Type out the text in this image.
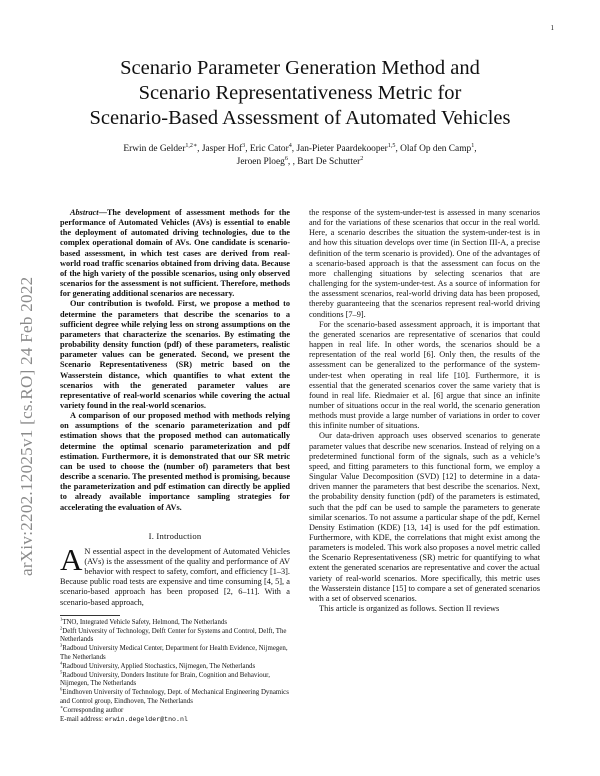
1
arXiv:2202.12025v1 [cs.RO] 24 Feb 2022
Scenario Parameter Generation Method and
Scenario Representativeness Metric for
Scenario-Based Assessment of Automated Vehicles
Erwin de Gelder$^{1,2∗}$, Jasper Hof$^3$, Eric Cator$^4$, Jan-Pieter Paardekooper$^{1,5}$, Olaf Op den Camp$^1$,
Jeroen Ploeg$^6$, , Bart De Schutter$^2$

Abstract—The development of assessment methods for the performance of Automated Vehicles (AVs) is essential to enable the deployment of automated driving technologies, due to the complex operational domain of AVs. One candidate is scenario-based assessment, in which test cases are derived from real-world road traffic scenarios obtained from driving data. Because of the high variety of the possible scenarios, using only observed scenarios for the assessment is not sufficient. Therefore, methods for generating additional scenarios are necessary.

Our contribution is twofold. First, we propose a method to determine the parameters that describe the scenarios to a sufficient degree while relying less on strong assumptions on the parameters that characterize the scenarios. By estimating the probability density function (pdf) of these parameters, realistic parameter values can be generated. Second, we present the Scenario Representativeness (SR) metric based on the Wasserstein distance, which quantifies to what extent the scenarios with the generated parameter values are representative of real-world scenarios while covering the actual variety found in the real-world scenarios.

A comparison of our proposed method with methods relying on assumptions of the scenario parameterization and pdf estimation shows that the proposed method can automatically determine the optimal scenario parameterization and pdf estimation. Furthermore, it is demonstrated that our SR metric can be used to choose the (number of) parameters that best describe a scenario. The presented method is promising, because the parameterization and pdf estimation can directly be applied to already available importance sampling strategies for accelerating the evaluation of AVs.

I. Introduction

A N essential aspect in the development of Automated Vehicles (AVs) is the assessment of the quality and performance of AV behavior with respect to safety, comfort, and efficiency [1–3]. Because public road tests are expensive and time consuming [4, 5], a scenario-based approach has been proposed [2, 6–11]. With a scenario-based approach,

$^1$TNO, Integrated Vehicle Safety, Helmond, The Netherlands
$^2$Delft University of Technology, Delft Center for Systems and Control, Delft, The Netherlands
$^3$Radboud University Medical Center, Department for Health Evidence, Nijmegen, The Netherlands
$^4$Radboud University, Applied Stochastics, Nijmegen, The Netherlands
$^5$Radboud University, Donders Institute for Brain, Cognition and Behaviour, Nijmegen, The Netherlands
$^6$Eindhoven University of Technology, Dept. of Mechanical Engineering Dynamics and Control group, Eindhoven, The Netherlands
∗Corresponding author
E-mail address: erwin.degelder@tno.nl

the response of the system-under-test is assessed in many scenarios and for the variations of these scenarios that occur in the real world. Here, a scenario describes the situation the system-under-test is in and how this situation develops over time (in Section III-A, a precise definition of the term scenario is provided). One of the advantages of a scenario-based approach is that the assessment can focus on the more challenging situations by selecting scenarios that are challenging for the system-under-test. As a source of information for the assessment scenarios, real-world driving data has been proposed, thereby guaranteeing that the scenarios represent real-world driving conditions [7–9].

For the scenario-based assessment approach, it is important that the generated scenarios are representative of scenarios that could happen in real life. In other words, the scenarios should be a representation of the real world [6]. Only then, the results of the assessment can be generalized to the performance of the system-under-test when operating in real life [10]. Furthermore, it is essential that the generated scenarios cover the same variety that is found in real life. Riedmaier et al. [6] argue that since an infinite number of situations occur in the real world, the scenario generation methods must provide a large number of variations in order to cover this infinite number of situations.

Our data-driven approach uses observed scenarios to generate parameter values that describe new scenarios. Instead of relying on a predetermined functional form of the signals, such as a vehicle’s speed, and fitting parameters to this functional form, we employ a Singular Value Decomposition (SVD) [12] to determine in a data-driven manner the parameters that best describe the scenarios. Next, the probability density function (pdf) of the parameters is estimated, such that the pdf can be used to sample the parameters to generate similar scenarios. To not assume a particular shape of the pdf, Kernel Density Estimation (KDE) [13, 14] is used for the pdf estimation. Furthermore, with KDE, the correlations that might exist among the parameters is modeled. This work also proposes a novel metric called the Scenario Representativeness (SR) metric for quantifying to what extent the generated scenarios are representative and cover the actual variety of real-world scenarios. More specifically, this metric uses the Wasserstein distance [15] to compare a set of generated scenarios with a set of observed scenarios.

This article is organized as follows. Section II reviews
